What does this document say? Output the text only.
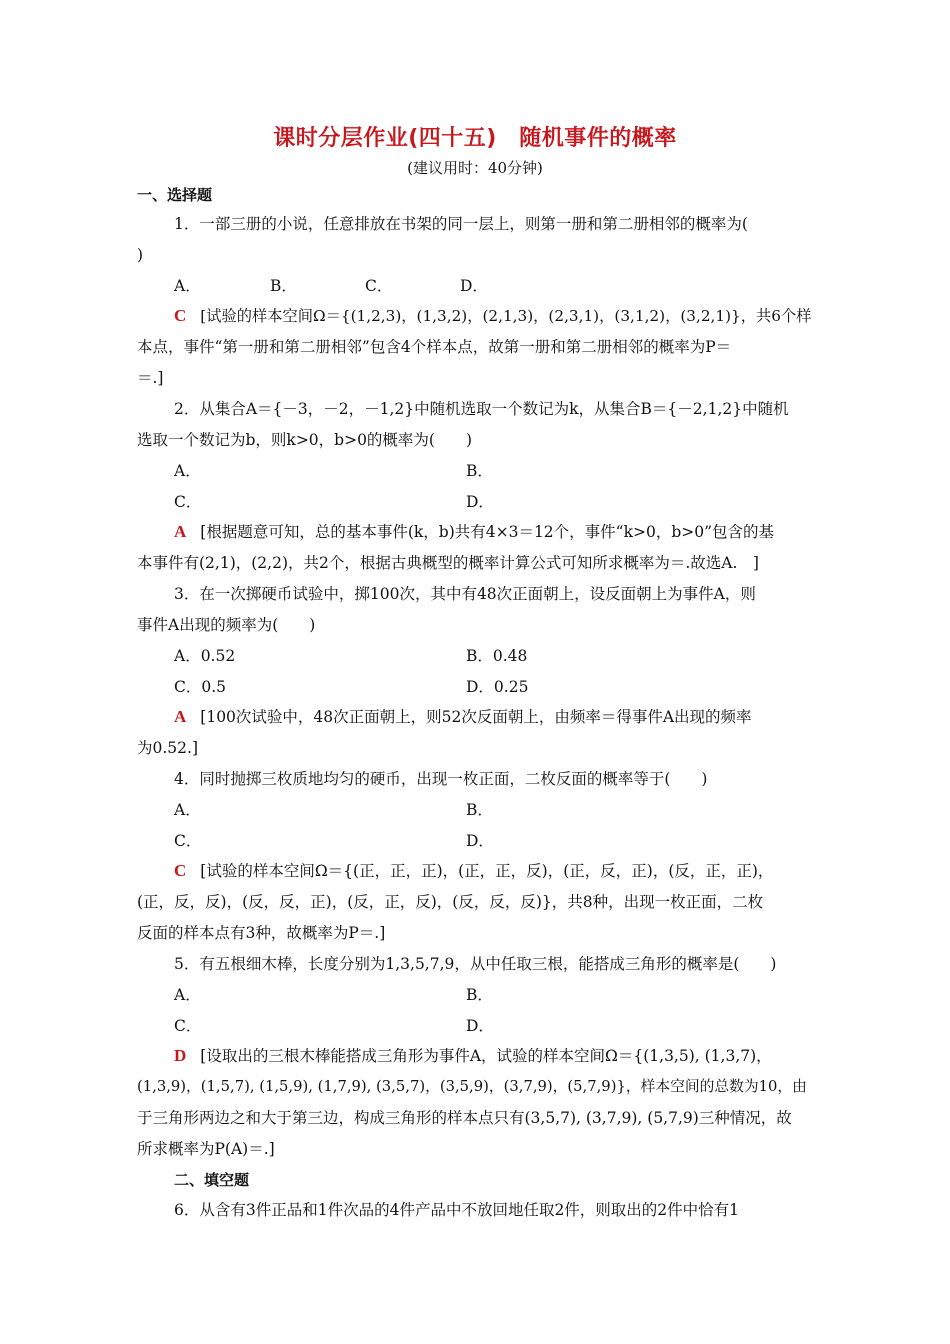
课时分层作业(四十五)　随机事件的概率
(建议用时：40分钟)
一、选择题
1．一部三册的小说，任意排放在书架的同一层上，则第一册和第二册相邻的概率为(
)
A．	B．	C．	D．
C [试验的样本空间Ω＝{(1,2,3)，(1,3,2)，(2,1,3)，(2,3,1)，(3,1,2)，(3,2,1)}，共6个样
本点，事件“第一册和第二册相邻”包含4个样本点，故第一册和第二册相邻的概率为P＝
＝.]
2．从集合A＝{－3，－2，－1,2}中随机选取一个数记为k，从集合B＝{－2,1,2}中随机
选取一个数记为b，则k>0，b>0的概率为(　　)
A．	B．
C．	D．
A [根据题意可知，总的基本事件(k，b)共有4×3＝12个，事件“k>0，b>0”包含的基
本事件有(2,1)，(2,2)，共2个，根据古典概型的概率计算公式可知所求概率为＝.故选A.　]
3．在一次掷硬币试验中，掷100次，其中有48次正面朝上，设反面朝上为事件A，则
事件A出现的频率为(　　)
A．0.52	B．0.48
C．0.5	D．0.25
A [100次试验中，48次正面朝上，则52次反面朝上，由频率＝得事件A出现的频率
为0.52.]
4．同时抛掷三枚质地均匀的硬币，出现一枚正面，二枚反面的概率等于(　　)
A．	B．
C．	D．
C [试验的样本空间Ω＝{(正，正，正)，(正，正，反)，(正，反，正)，(反，正，正)，
(正，反，反)，(反，反，正)，(反，正，反)，(反，反，反)}，共8种，出现一枚正面，二枚
反面的样本点有3种，故概率为P＝.]
5．有五根细木棒，长度分别为1,3,5,7,9，从中任取三根，能搭成三角形的概率是(　　)
A．	B．
C．	D．
D [设取出的三根木棒能搭成三角形为事件A，试验的样本空间Ω＝{(1,3,5), (1,3,7)，
(1,3,9)，(1,5,7), (1,5,9), (1,7,9), (3,5,7)，(3,5,9)，(3,7,9)，(5,7,9)}，样本空间的总数为10，由
于三角形两边之和大于第三边，构成三角形的样本点只有(3,5,7), (3,7,9), (5,7,9)三种情况，故
所求概率为P(A)＝.]
二、填空题
6．从含有3件正品和1件次品的4件产品中不放回地任取2件，则取出的2件中恰有1
